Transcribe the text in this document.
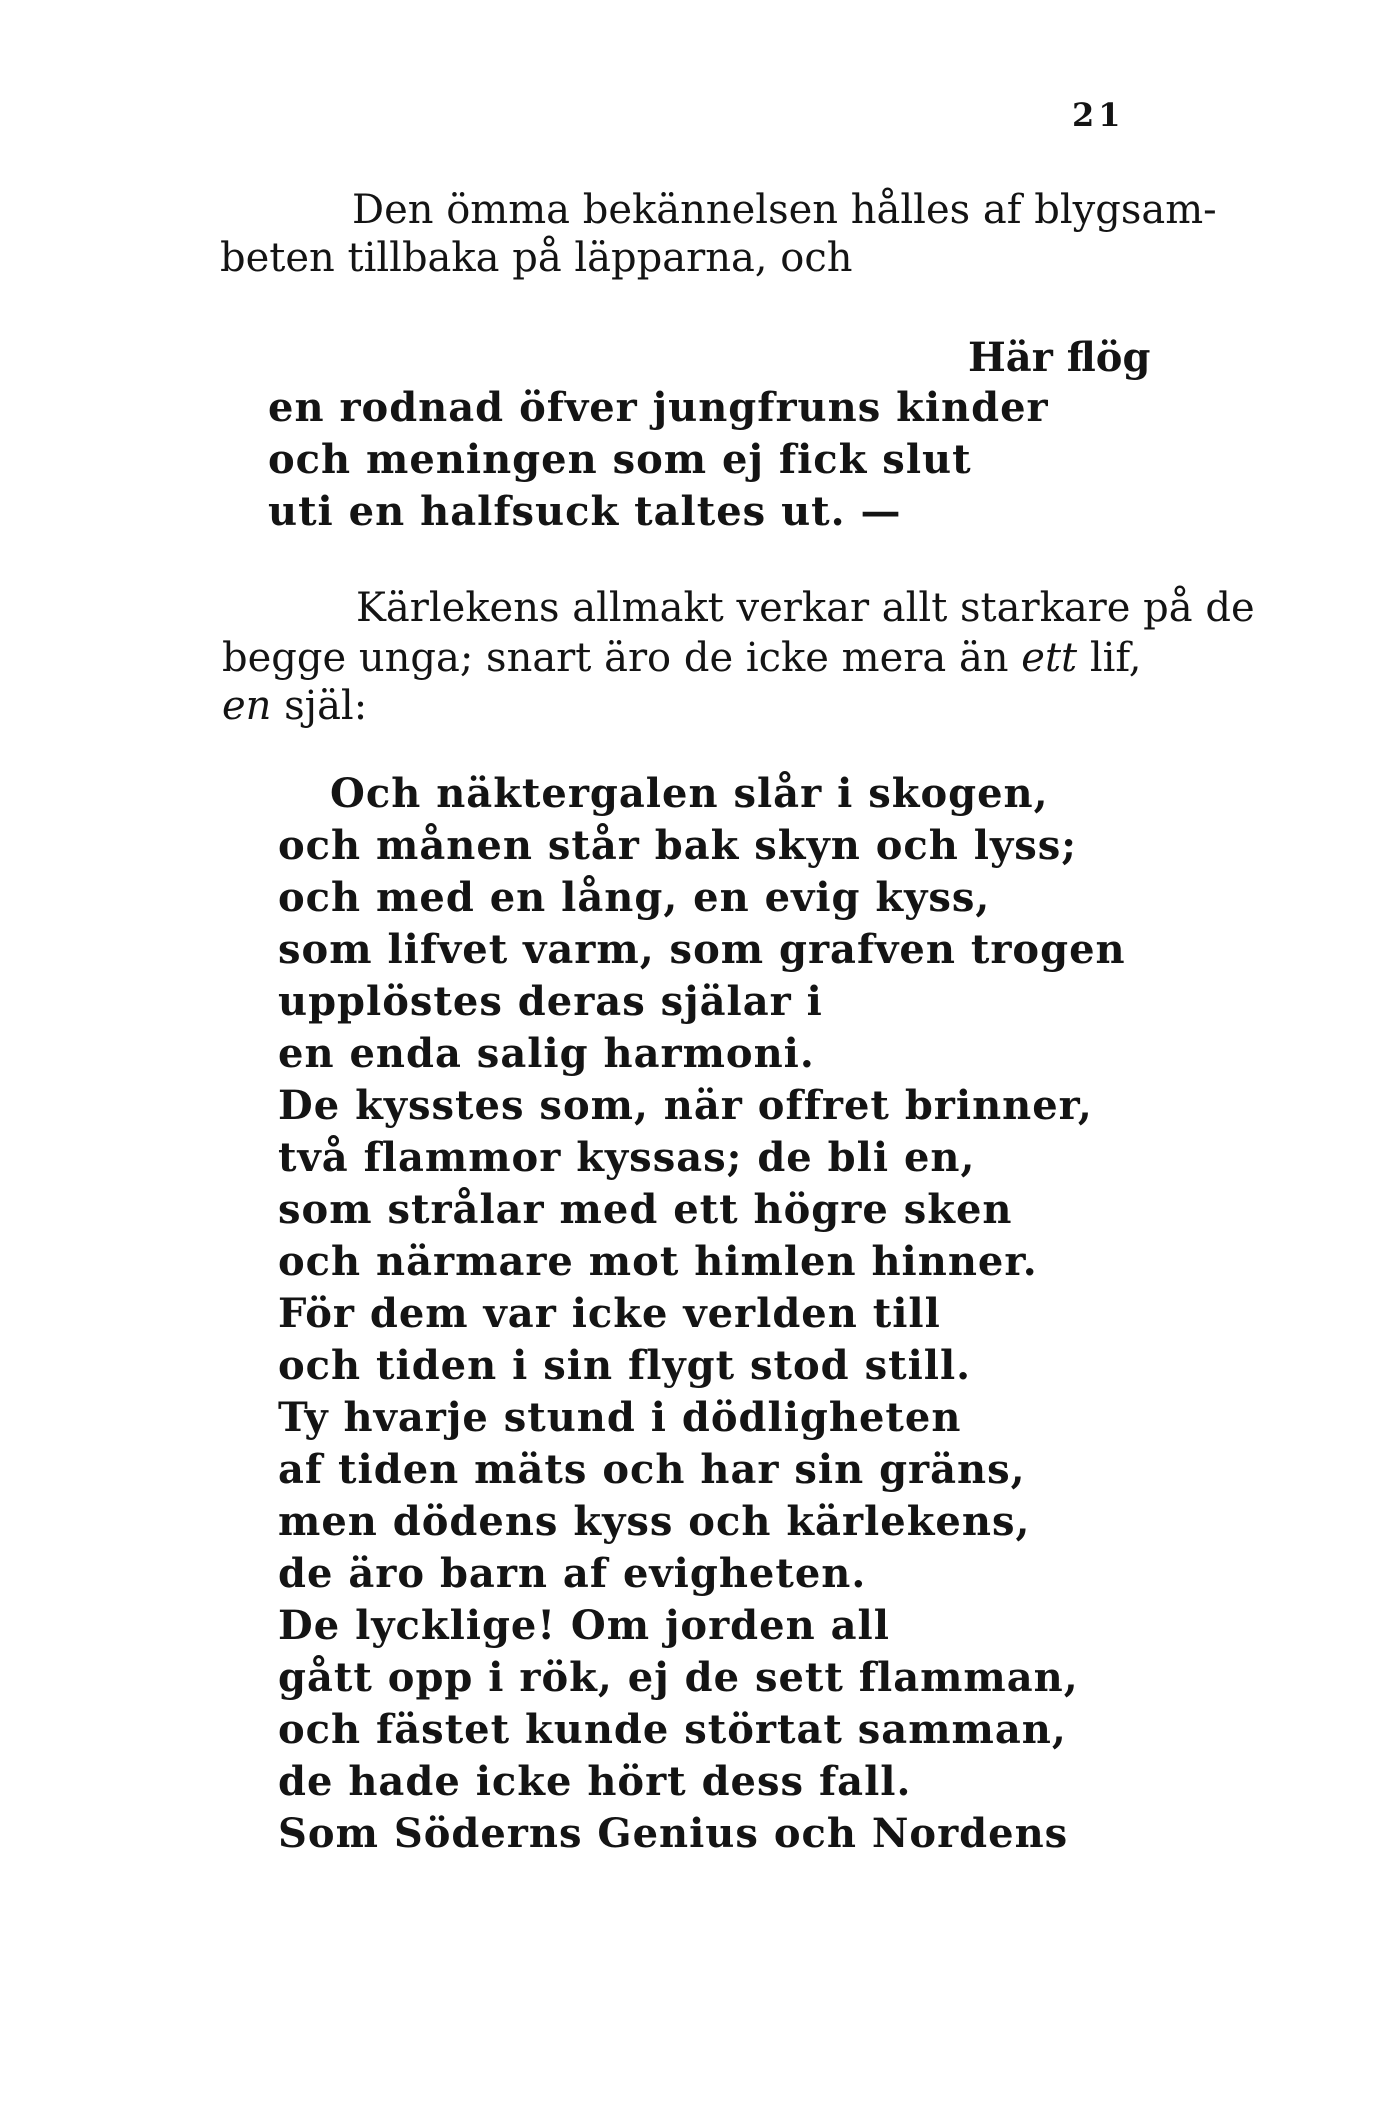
21
Den ömma bekännelsen hålles af blygsam-
beten tillbaka på läpparna, och
Här flög
en rodnad öfver jungfruns kinder
och meningen som ej fick slut
uti en halfsuck taltes ut. —
Kärlekens allmakt verkar allt starkare på de
begge unga; snart äro de icke mera än ett lif,
en själ:
Och näktergalen slår i skogen,
och månen står bak skyn och lyss;
och med en lång, en evig kyss,
som lifvet varm, som grafven trogen
upplöstes deras själar i
en enda salig harmoni.
De kysstes som, när offret brinner,
två flammor kyssas; de bli en,
som strålar med ett högre sken
och närmare mot himlen hinner.
För dem var icke verlden till
och tiden i sin flygt stod still.
Ty hvarje stund i dödligheten
af tiden mäts och har sin gräns,
men dödens kyss och kärlekens,
de äro barn af evigheten.
De lycklige! Om jorden all
gått opp i rök, ej de sett flamman,
och fästet kunde störtat samman,
de hade icke hört dess fall.
Som Söderns Genius och Nordens
